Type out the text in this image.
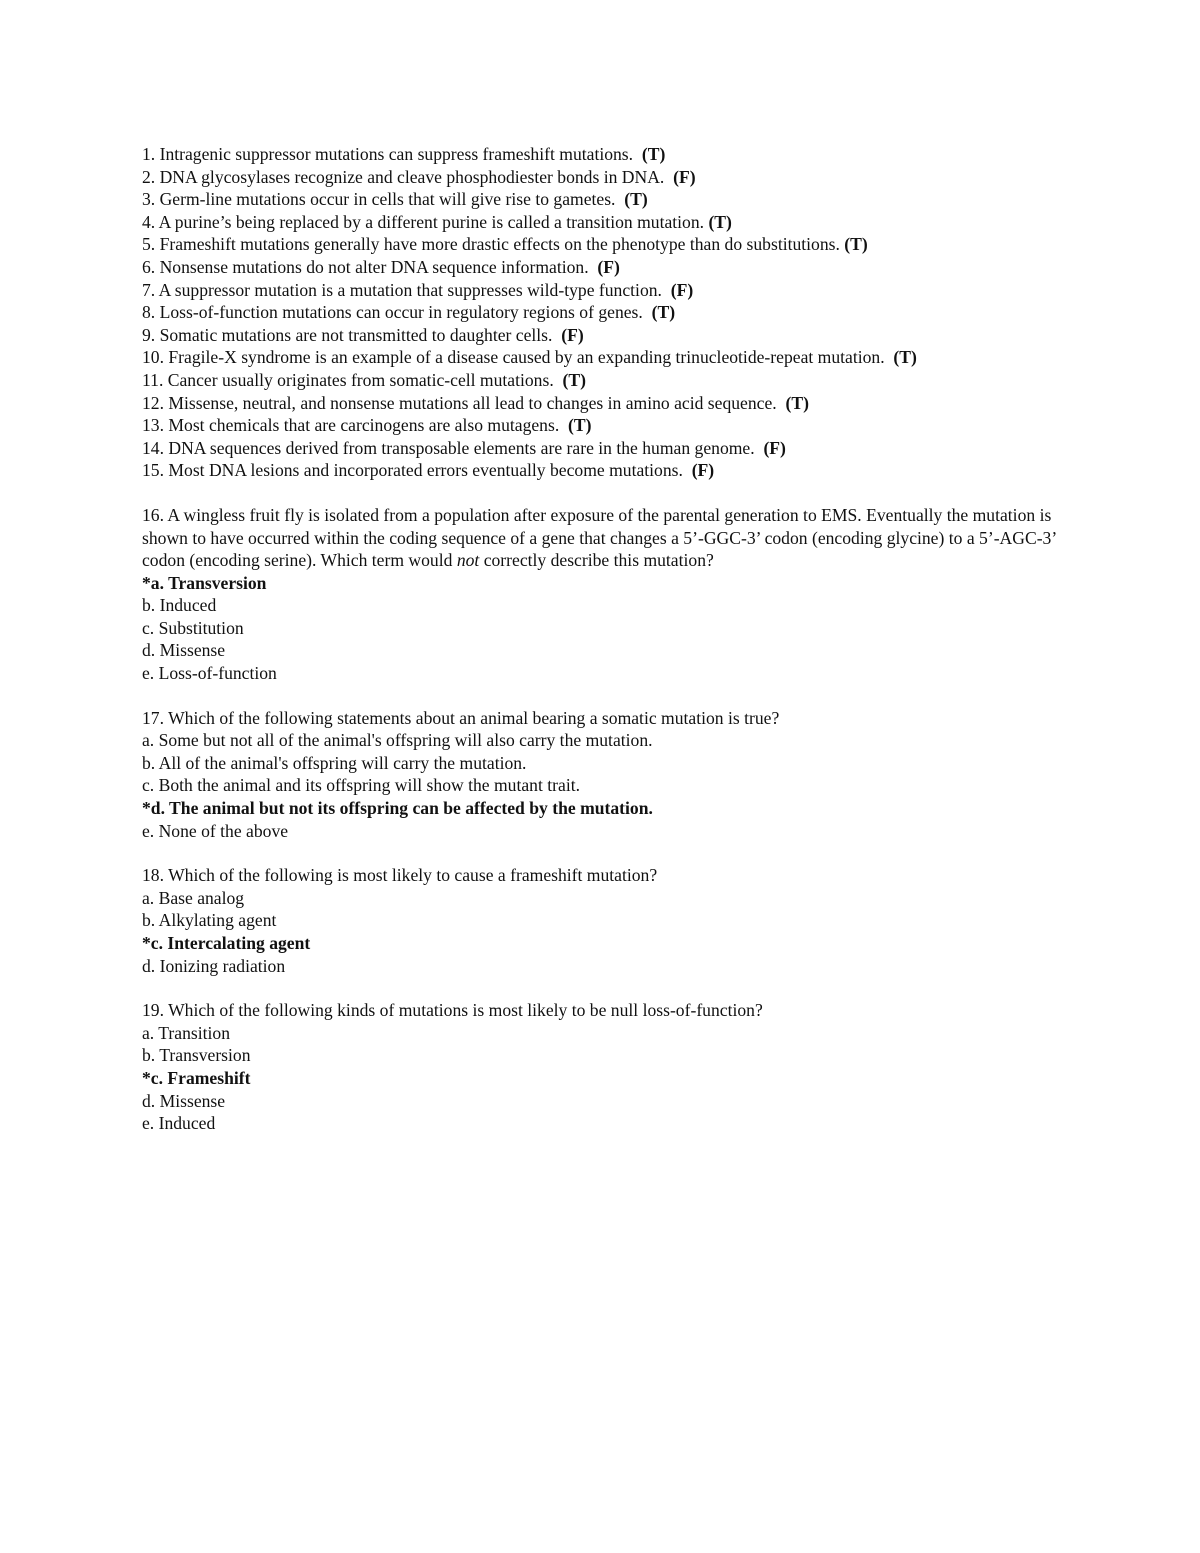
1. Intragenic suppressor mutations can suppress frameshift mutations.  (T)
2. DNA glycosylases recognize and cleave phosphodiester bonds in DNA.  (F)
3. Germ-line mutations occur in cells that will give rise to gametes.  (T)
4. A purine’s being replaced by a different purine is called a transition mutation. (T)
5. Frameshift mutations generally have more drastic effects on the phenotype than do substitutions. (T)
6. Nonsense mutations do not alter DNA sequence information.  (F)
7. A suppressor mutation is a mutation that suppresses wild-type function.  (F)
8. Loss-of-function mutations can occur in regulatory regions of genes.  (T)
9. Somatic mutations are not transmitted to daughter cells.  (F)
10. Fragile-X syndrome is an example of a disease caused by an expanding trinucleotide-repeat mutation.  (T)
11. Cancer usually originates from somatic-cell mutations.  (T)
12. Missense, neutral, and nonsense mutations all lead to changes in amino acid sequence.  (T)
13. Most chemicals that are carcinogens are also mutagens.  (T)
14. DNA sequences derived from transposable elements are rare in the human genome.  (F)
15. Most DNA lesions and incorporated errors eventually become mutations.  (F)
16. A wingless fruit fly is isolated from a population after exposure of the parental generation to EMS. Eventually the mutation is shown to have occurred within the coding sequence of a gene that changes a 5’-GGC-3’ codon (encoding glycine) to a 5’-AGC-3’ codon (encoding serine). Which term would not correctly describe this mutation?
*a. Transversion
b. Induced
c. Substitution
d. Missense
e. Loss-of-function
17. Which of the following statements about an animal bearing a somatic mutation is true?
a. Some but not all of the animal's offspring will also carry the mutation.
b. All of the animal's offspring will carry the mutation.
c. Both the animal and its offspring will show the mutant trait.
*d. The animal but not its offspring can be affected by the mutation.
e. None of the above
18. Which of the following is most likely to cause a frameshift mutation?
a. Base analog
b. Alkylating agent
*c. Intercalating agent
d. Ionizing radiation
19. Which of the following kinds of mutations is most likely to be null loss-of-function?
a. Transition
b. Transversion
*c. Frameshift
d. Missense
e. Induced
